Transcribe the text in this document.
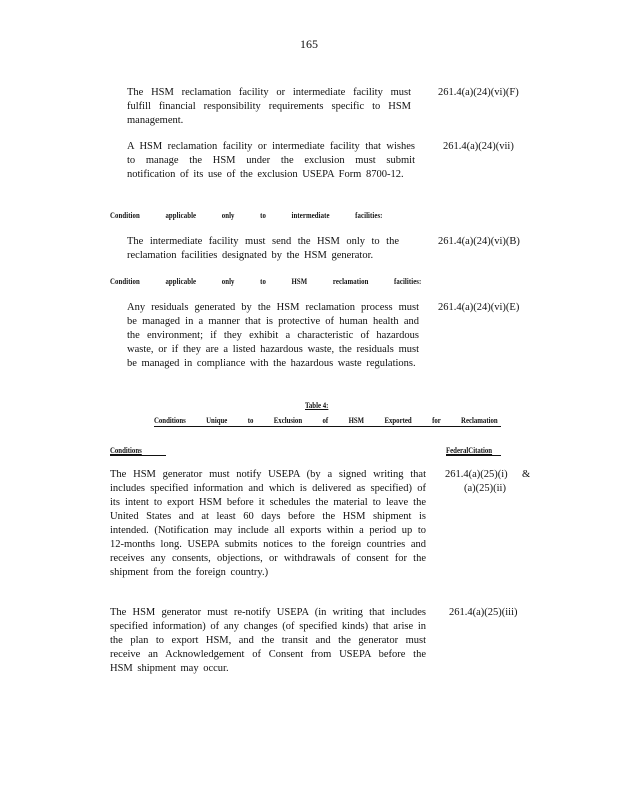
165
The HSM reclamation facility or intermediate facility must fulfill financial responsibility requirements specific to HSM management.
261.4(a)(24)(vi)(F)
A HSM reclamation facility or intermediate facility that wishes to manage the HSM under the exclusion must submit notification of its use of the exclusion USEPA Form 8700-12.
261.4(a)(24)(vii)
Condition applicable only to intermediate facilities:
The intermediate facility must send the HSM only to the reclamation facilities designated by the HSM generator.
261.4(a)(24)(vi)(B)
Condition applicable only to HSM reclamation facilities:
Any residuals generated by the HSM reclamation process must be managed in a manner that is protective of human health and the environment; if they exhibit a characteristic of hazardous waste, or if they are a listed hazardous waste, the residuals must be managed in compliance with the hazardous waste regulations.
261.4(a)(24)(vi)(E)
Table 4:
Conditions Unique to Exclusion of HSM Exported for Reclamation
Conditions	FederalCitation
The HSM generator must notify USEPA (by a signed writing that includes specified information and which is delivered as specified) of its intent to export HSM before it schedules the material to leave the United States and at least 60 days before the HSM shipment is intended. (Notification may include all exports within a period up to 12-months long. USEPA submits notices to the foreign countries and receives any consents, objections, or withdrawals of consent for the shipment from the foreign country.)
261.4(a)(25)(i) &
(a)(25)(ii)
The HSM generator must re-notify USEPA (in writing that includes specified information) of any changes (of specified kinds) that arise in the plan to export HSM, and the transit and the generator must receive an Acknowledgement of Consent from USEPA before the HSM shipment may occur.
261.4(a)(25)(iii)
